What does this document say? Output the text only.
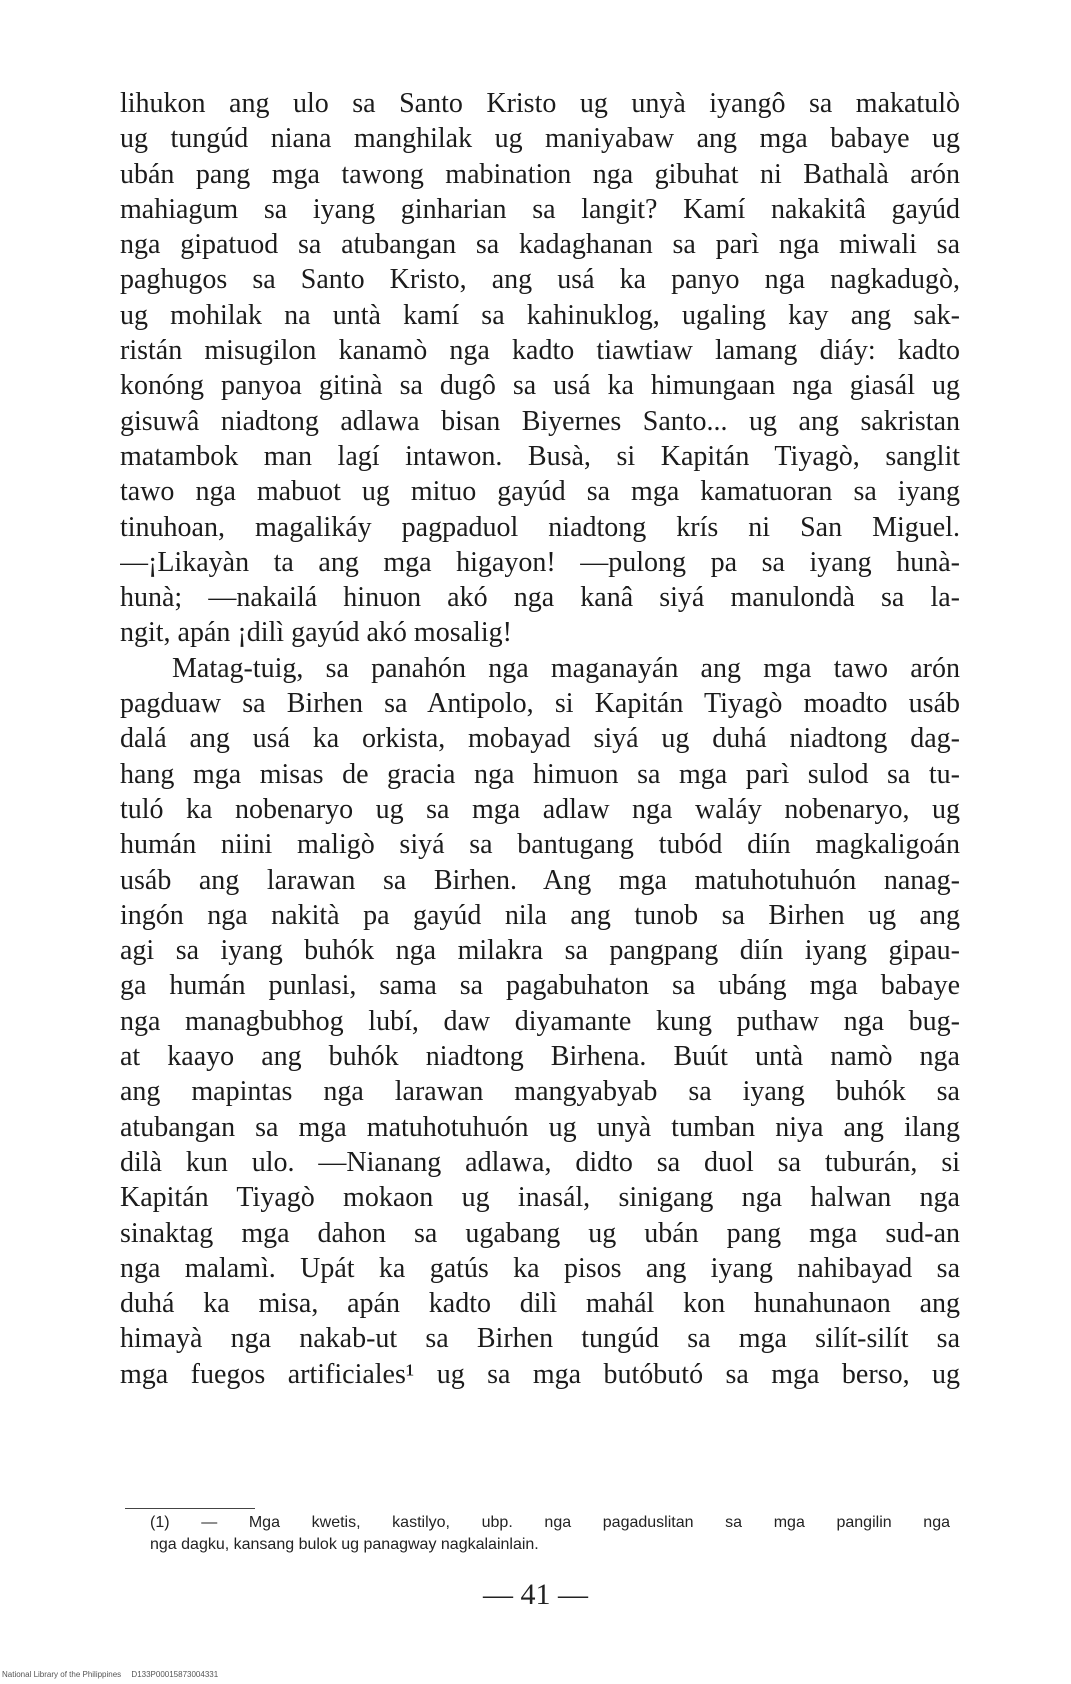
lihukon ang ulo sa Santo Kristo ug unyà iyangô sa makatulò
ug tungúd niana manghilak ug maniyabaw ang mga babaye ug
ubán pang mga tawong mabination nga gibuhat ni Bathalà arón
mahiagum sa iyang ginharian sa langit? Kamí nakakitâ gayúd
nga gipatuod sa atubangan sa kadaghanan sa parì nga miwali sa
paghugos sa Santo Kristo, ang usá ka panyo nga nagkadugò,
ug mohilak na untà kamí sa kahinuklog, ugaling kay ang sak-
ristán misugilon kanamò nga kadto tiawtiaw lamang diáy: kadto
konóng panyoa gitinà sa dugô sa usá ka himungaan nga giasál ug
gisuwâ niadtong adlawa bisan Biyernes Santo... ug ang sakristan
matambok man lagí intawon. Busà, si Kapitán Tiyagò, sanglit
tawo nga mabuot ug mituo gayúd sa mga kamatuoran sa iyang
tinuhoan, magalikáy pagpaduol niadtong krís ni San Miguel.
—¡Likayàn ta ang mga higayon! —pulong pa sa iyang hunà-
hunà; —nakailá hinuon akó nga kanâ siyá manulondà sa la-
ngit, apán ¡dilì gayúd akó mosalig!
Matag-tuig, sa panahón nga maganayán ang mga tawo arón
pagduaw sa Birhen sa Antipolo, si Kapitán Tiyagò moadto usáb
dalá ang usá ka orkista, mobayad siyá ug duhá niadtong dag-
hang mga misas de gracia nga himuon sa mga parì sulod sa tu-
tuló ka nobenaryo ug sa mga adlaw nga waláy nobenaryo, ug
humán niini maligò siyá sa bantugang tubód diín magkaligoán
usáb ang larawan sa Birhen. Ang mga matuhotuhuón nanag-
ingón nga nakità pa gayúd nila ang tunob sa Birhen ug ang
agi sa iyang buhók nga milakra sa pangpang diín iyang gipau-
ga humán punlasi, sama sa pagabuhaton sa ubáng mga babaye
nga managbubhog lubí, daw diyamante kung puthaw nga bug-
at kaayo ang buhók niadtong Birhena. Buút untà namò nga
ang mapintas nga larawan mangyabyab sa iyang buhók sa
atubangan sa mga matuhotuhuón ug unyà tumban niya ang ilang
dilà kun ulo. —Nianang adlawa, didto sa duol sa tuburán, si
Kapitán Tiyagò mokaon ug inasál, sinigang nga halwan nga
sinaktag mga dahon sa ugabang ug ubán pang mga sud-an
nga malamì. Upát ka gatús ka pisos ang iyang nahibayad sa
duhá ka misa, apán kadto dilì mahál kon hunahunaon ang
himayà nga nakab-ut sa Birhen tungúd sa mga silít-silít sa
mga fuegos artificiales¹ ug sa mga butóbutó sa mga berso, ug
(1) — Mga kwetis, kastilyo, ubp. nga pagaduslitan sa mga pangilin nga
nga dagku, kansang bulok ug panagway nagkalainlain.
— 41 —
National Library of the Philippines D133P00015873004331
